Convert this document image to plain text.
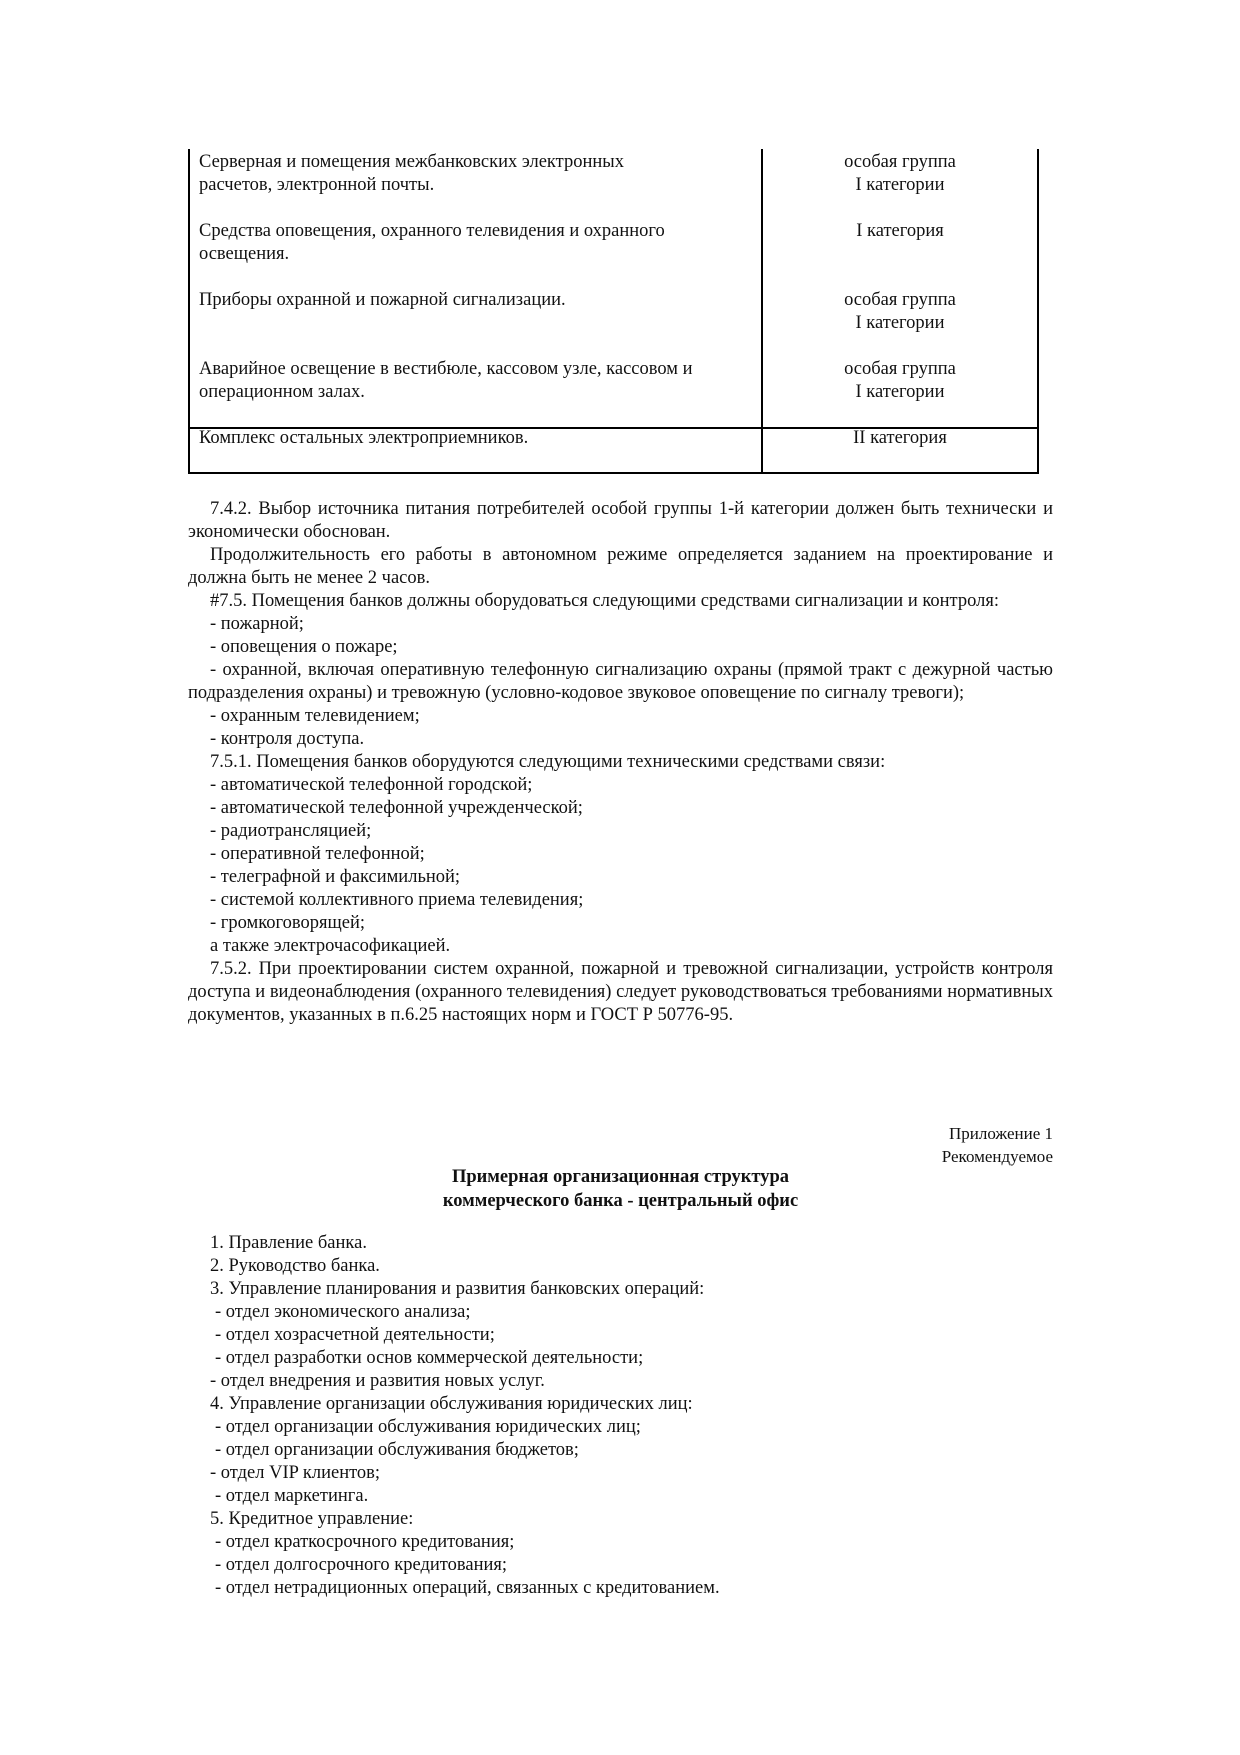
Серверная и помещения межбанковских электронных
расчетов, электронной почты.
особая группа
I категории
Средства оповещения, охранного телевидения и охранного
освещения.
I категория
Приборы охранной и пожарной сигнализации.	особая группа
I категории
Аварийное освещение в вестибюле, кассовом узле, кассовом и
операционном залах.
особая группа
I категории
Комплекс остальных электроприемников.	II категория

7.4.2. Выбор источника питания потребителей особой группы 1-й категории должен быть технически и экономически обоснован.

Продолжительность его работы в автономном режиме определяется заданием на проектирование и должна быть не менее 2 часов.

#7.5. Помещения банков должны оборудоваться следующими средствами сигнализации и контроля:

- пожарной;

- оповещения о пожаре;

- охранной, включая оперативную телефонную сигнализацию охраны (прямой тракт с дежурной частью подразделения охраны) и тревожную (условно-кодовое звуковое оповещение по сигналу тревоги);

- охранным телевидением;

- контроля доступа.

7.5.1. Помещения банков оборудуются следующими техническими средствами связи:

- автоматической телефонной городской;

- автоматической телефонной учрежденческой;

- радиотрансляцией;

- оперативной телефонной;

- телеграфной и факсимильной;

- системой коллективного приема телевидения;

- громкоговорящей;

а также электрочасофикацией.

7.5.2. При проектировании систем охранной, пожарной и тревожной сигнализации, устройств контроля доступа и видеонаблюдения (охранного телевидения) следует руководствоваться требованиями нормативных документов, указанных в п.6.25 настоящих норм и ГОСТ Р 50776-95.

Приложение 1
Рекомендуемое
Примерная организационная структура
коммерческого банка - центральный офис

1. Правление банка.

2. Руководство банка.

3. Управление планирования и развития банковских операций:

- отдел экономического анализа;

- отдел хозрасчетной деятельности;

- отдел разработки основ коммерческой деятельности;

- отдел внедрения и развития новых услуг.

4. Управление организации обслуживания юридических лиц:

- отдел организации обслуживания юридических лиц;

- отдел организации обслуживания бюджетов;

- отдел VIP клиентов;

- отдел маркетинга.

5. Кредитное управление:

- отдел краткосрочного кредитования;

- отдел долгосрочного кредитования;

- отдел нетрадиционных операций, связанных с кредитованием.
